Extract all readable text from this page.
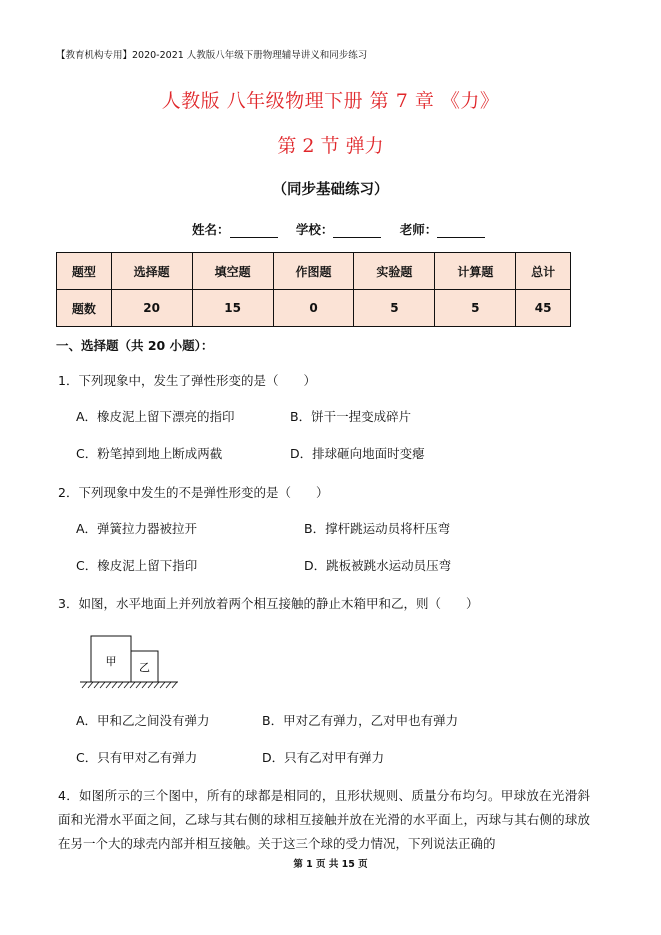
【教育机构专用】2020-2021 人教版八年级下册物理辅导讲义和同步练习
人教版 八年级物理下册 第 7 章 《力》
第 2 节 弹力
（同步基础练习）
姓名：	学校：	老师：
题型	选择题	填空题	作图题	实验题	计算题	总计
题数	20	15	0	5	5	45
一、选择题（共 20 小题）：
1．下列现象中，发生了弹性形变的是（　　）
A．橡皮泥上留下漂亮的指印	B．饼干一捏变成碎片
C．粉笔掉到地上断成两截	D．排球砸向地面时变瘪
2．下列现象中发生的不是弹性形变的是（　　）
A．弹簧拉力器被拉开	B．撑杆跳运动员将杆压弯
C．橡皮泥上留下指印	D．跳板被跳水运动员压弯
3．如图，水平地面上并列放着两个相互接触的静止木箱甲和乙，则（　　）
甲 乙
A．甲和乙之间没有弹力	B．甲对乙有弹力，乙对甲也有弹力
C．只有甲对乙有弹力	D．只有乙对甲有弹力
4．如图所示的三个图中，所有的球都是相同的，且形状规则、质量分布均匀。甲球放在光滑斜面和光滑水平面之间，乙球与其右侧的球相互接触并放在光滑的水平面上，丙球与其右侧的球放在另一个大的球壳内部并相互接触。关于这三个球的受力情况，下列说法正确的
第 1 页 共 15 页
